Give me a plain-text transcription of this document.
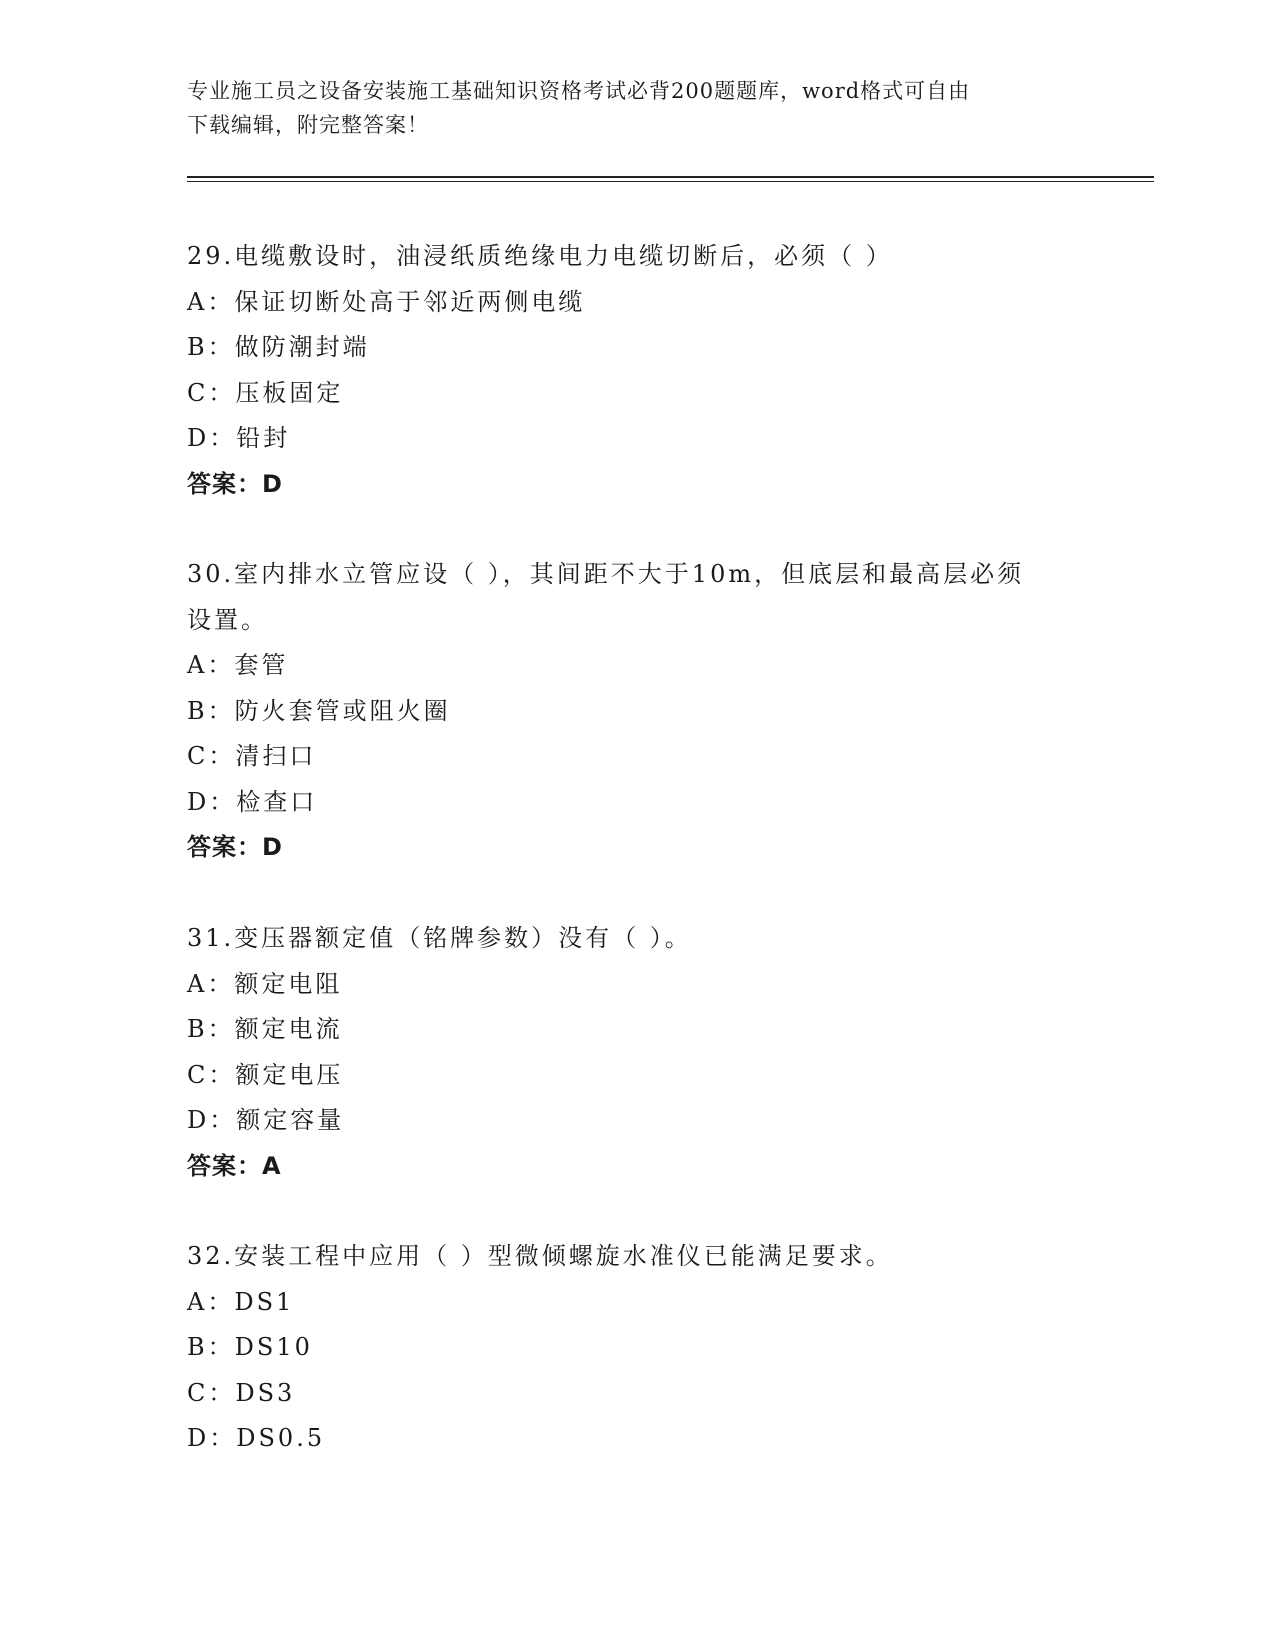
专业施工员之设备安装施工基础知识资格考试必背200题题库，word格式可自由
下载编辑，附完整答案！
29.电缆敷设时，油浸纸质绝缘电力电缆切断后，必须（ ）
A：保证切断处高于邻近两侧电缆
B：做防潮封端
C：压板固定
D：铅封
答案：D
30.室内排水立管应设（ ），其间距不大于10m，但底层和最高层必须
设置。
A：套管
B：防火套管或阻火圈
C：清扫口
D：检查口
答案：D
31.变压器额定值（铭牌参数）没有（ ）。
A：额定电阻
B：额定电流
C：额定电压
D：额定容量
答案：A
32.安装工程中应用（ ）型微倾螺旋水准仪已能满足要求。
A：DS1
B：DS10
C：DS3
D：DS0.5
